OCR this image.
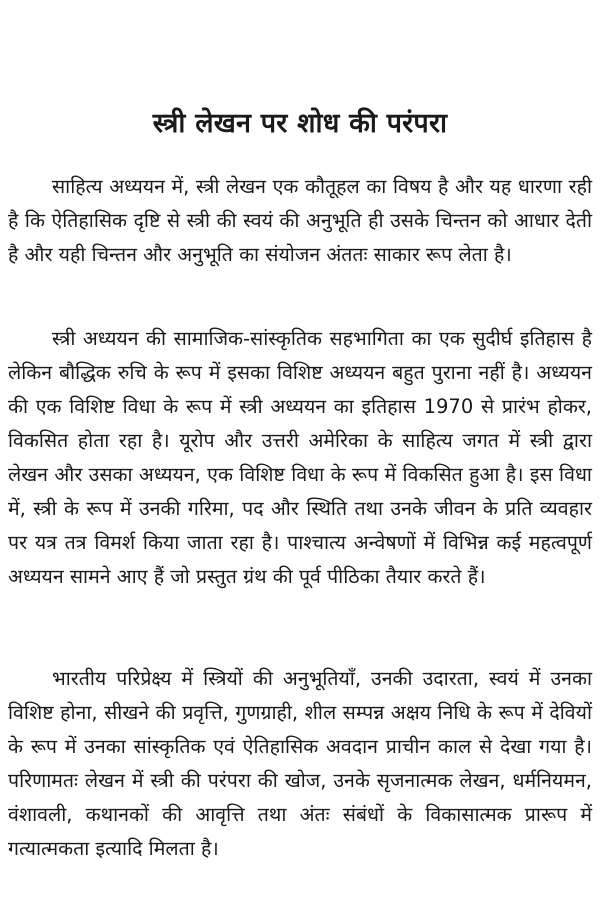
स्त्री लेखन पर शोध की परंपरा

साहित्य अध्ययन में, स्त्री लेखन एक कौतूहल का विषय है और यह धारणा रही है कि ऐतिहासिक दृष्टि से स्त्री की स्वयं की अनुभूति ही उसके चिन्तन को आधार देती है और यही चिन्तन और अनुभूति का संयोजन अंततः साकार रूप लेता है।

स्त्री अध्ययन की सामाजिक-सांस्कृतिक सहभागिता का एक सुदीर्घ इतिहास है लेकिन बौद्धिक रुचि के रूप में इसका विशिष्ट अध्ययन बहुत पुराना नहीं है। अध्ययन की एक विशिष्ट विधा के रूप में स्त्री अध्ययन का इतिहास 1970 से प्रारंभ होकर, विकसित होता रहा है। यूरोप और उत्तरी अमेरिका के साहित्य जगत में स्त्री द्वारा लेखन और उसका अध्ययन, एक विशिष्ट विधा के रूप में विकसित हुआ है। इस विधा में, स्त्री के रूप में उनकी गरिमा, पद और स्थिति तथा उनके जीवन के प्रति व्यवहार पर यत्र तत्र विमर्श किया जाता रहा है। पाश्चात्य अन्वेषणों में विभिन्न कई महत्वपूर्ण अध्ययन सामने आए हैं जो प्रस्तुत ग्रंथ की पूर्व पीठिका तैयार करते हैं।

भारतीय परिप्रेक्ष्य में स्त्रियों की अनुभूतियाँ, उनकी उदारता, स्वयं में उनका विशिष्ट होना, सीखने की प्रवृत्ति, गुणग्राही, शील सम्पन्न अक्षय निधि के रूप में देवियों के रूप में उनका सांस्कृतिक एवं ऐतिहासिक अवदान प्राचीन काल से देखा गया है। परिणामतः लेखन में स्त्री की परंपरा की खोज, उनके सृजनात्मक लेखन, धर्मनियमन, वंशावली, कथानकों की आवृत्ति तथा अंतः संबंधों के विकासात्मक प्रारूप में गत्यात्मकता इत्यादि मिलता है।
